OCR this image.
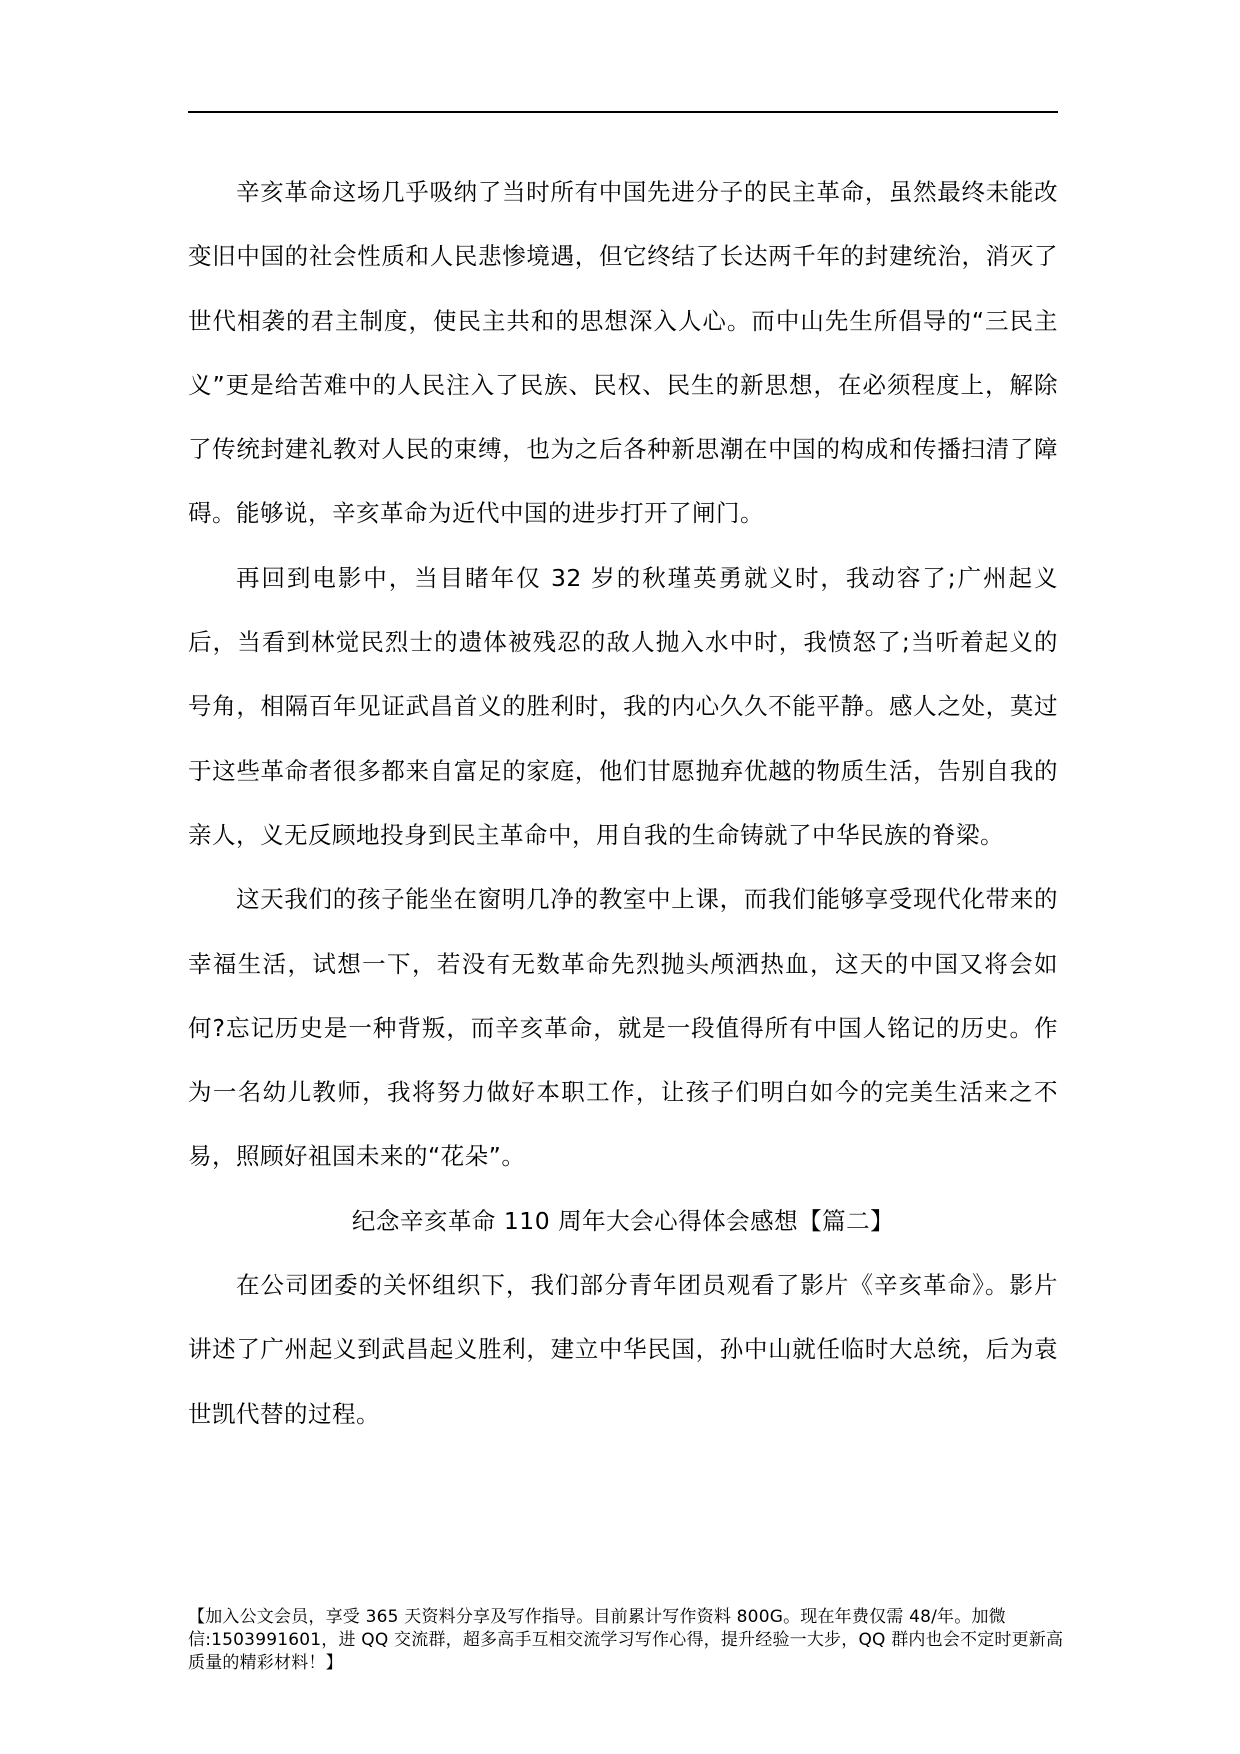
辛亥革命这场几乎吸纳了当时所有中国先进分子的民主革命，虽然最终未能改变旧中国的社会性质和人民悲惨境遇，但它终结了长达两千年的封建统治，消灭了世代相袭的君主制度，使民主共和的思想深入人心。而中山先生所倡导的“三民主义”更是给苦难中的人民注入了民族、民权、民生的新思想，在必须程度上，解除了传统封建礼教对人民的束缚，也为之后各种新思潮在中国的构成和传播扫清了障碍。能够说，辛亥革命为近代中国的进步打开了闸门。

再回到电影中，当目睹年仅 32 岁的秋瑾英勇就义时，我动容了;广州起义后，当看到林觉民烈士的遗体被残忍的敌人抛入水中时，我愤怒了;当听着起义的号角，相隔百年见证武昌首义的胜利时，我的内心久久不能平静。感人之处，莫过于这些革命者很多都来自富足的家庭，他们甘愿抛弃优越的物质生活，告别自我的亲人，义无反顾地投身到民主革命中，用自我的生命铸就了中华民族的脊梁。

这天我们的孩子能坐在窗明几净的教室中上课，而我们能够享受现代化带来的幸福生活，试想一下，若没有无数革命先烈抛头颅洒热血，这天的中国又将会如何?忘记历史是一种背叛，而辛亥革命，就是一段值得所有中国人铭记的历史。作为一名幼儿教师，我将努力做好本职工作，让孩子们明白如今的完美生活来之不易，照顾好祖国未来的“花朵”。

纪念辛亥革命 110 周年大会心得体会感想【篇二】

在公司团委的关怀组织下，我们部分青年团员观看了影片《辛亥革命》。影片讲述了广州起义到武昌起义胜利，建立中华民国，孙中山就任临时大总统，后为袁世凯代替的过程。

【加入公文会员，享受 365 天资料分享及写作指导。目前累计写作资料 800G。现在年费仅需 48/年。加微信:1503991601，进 QQ 交流群，超多高手互相交流学习写作心得，提升经验一大步，QQ 群内也会不定时更新高质量的精彩材料！】
